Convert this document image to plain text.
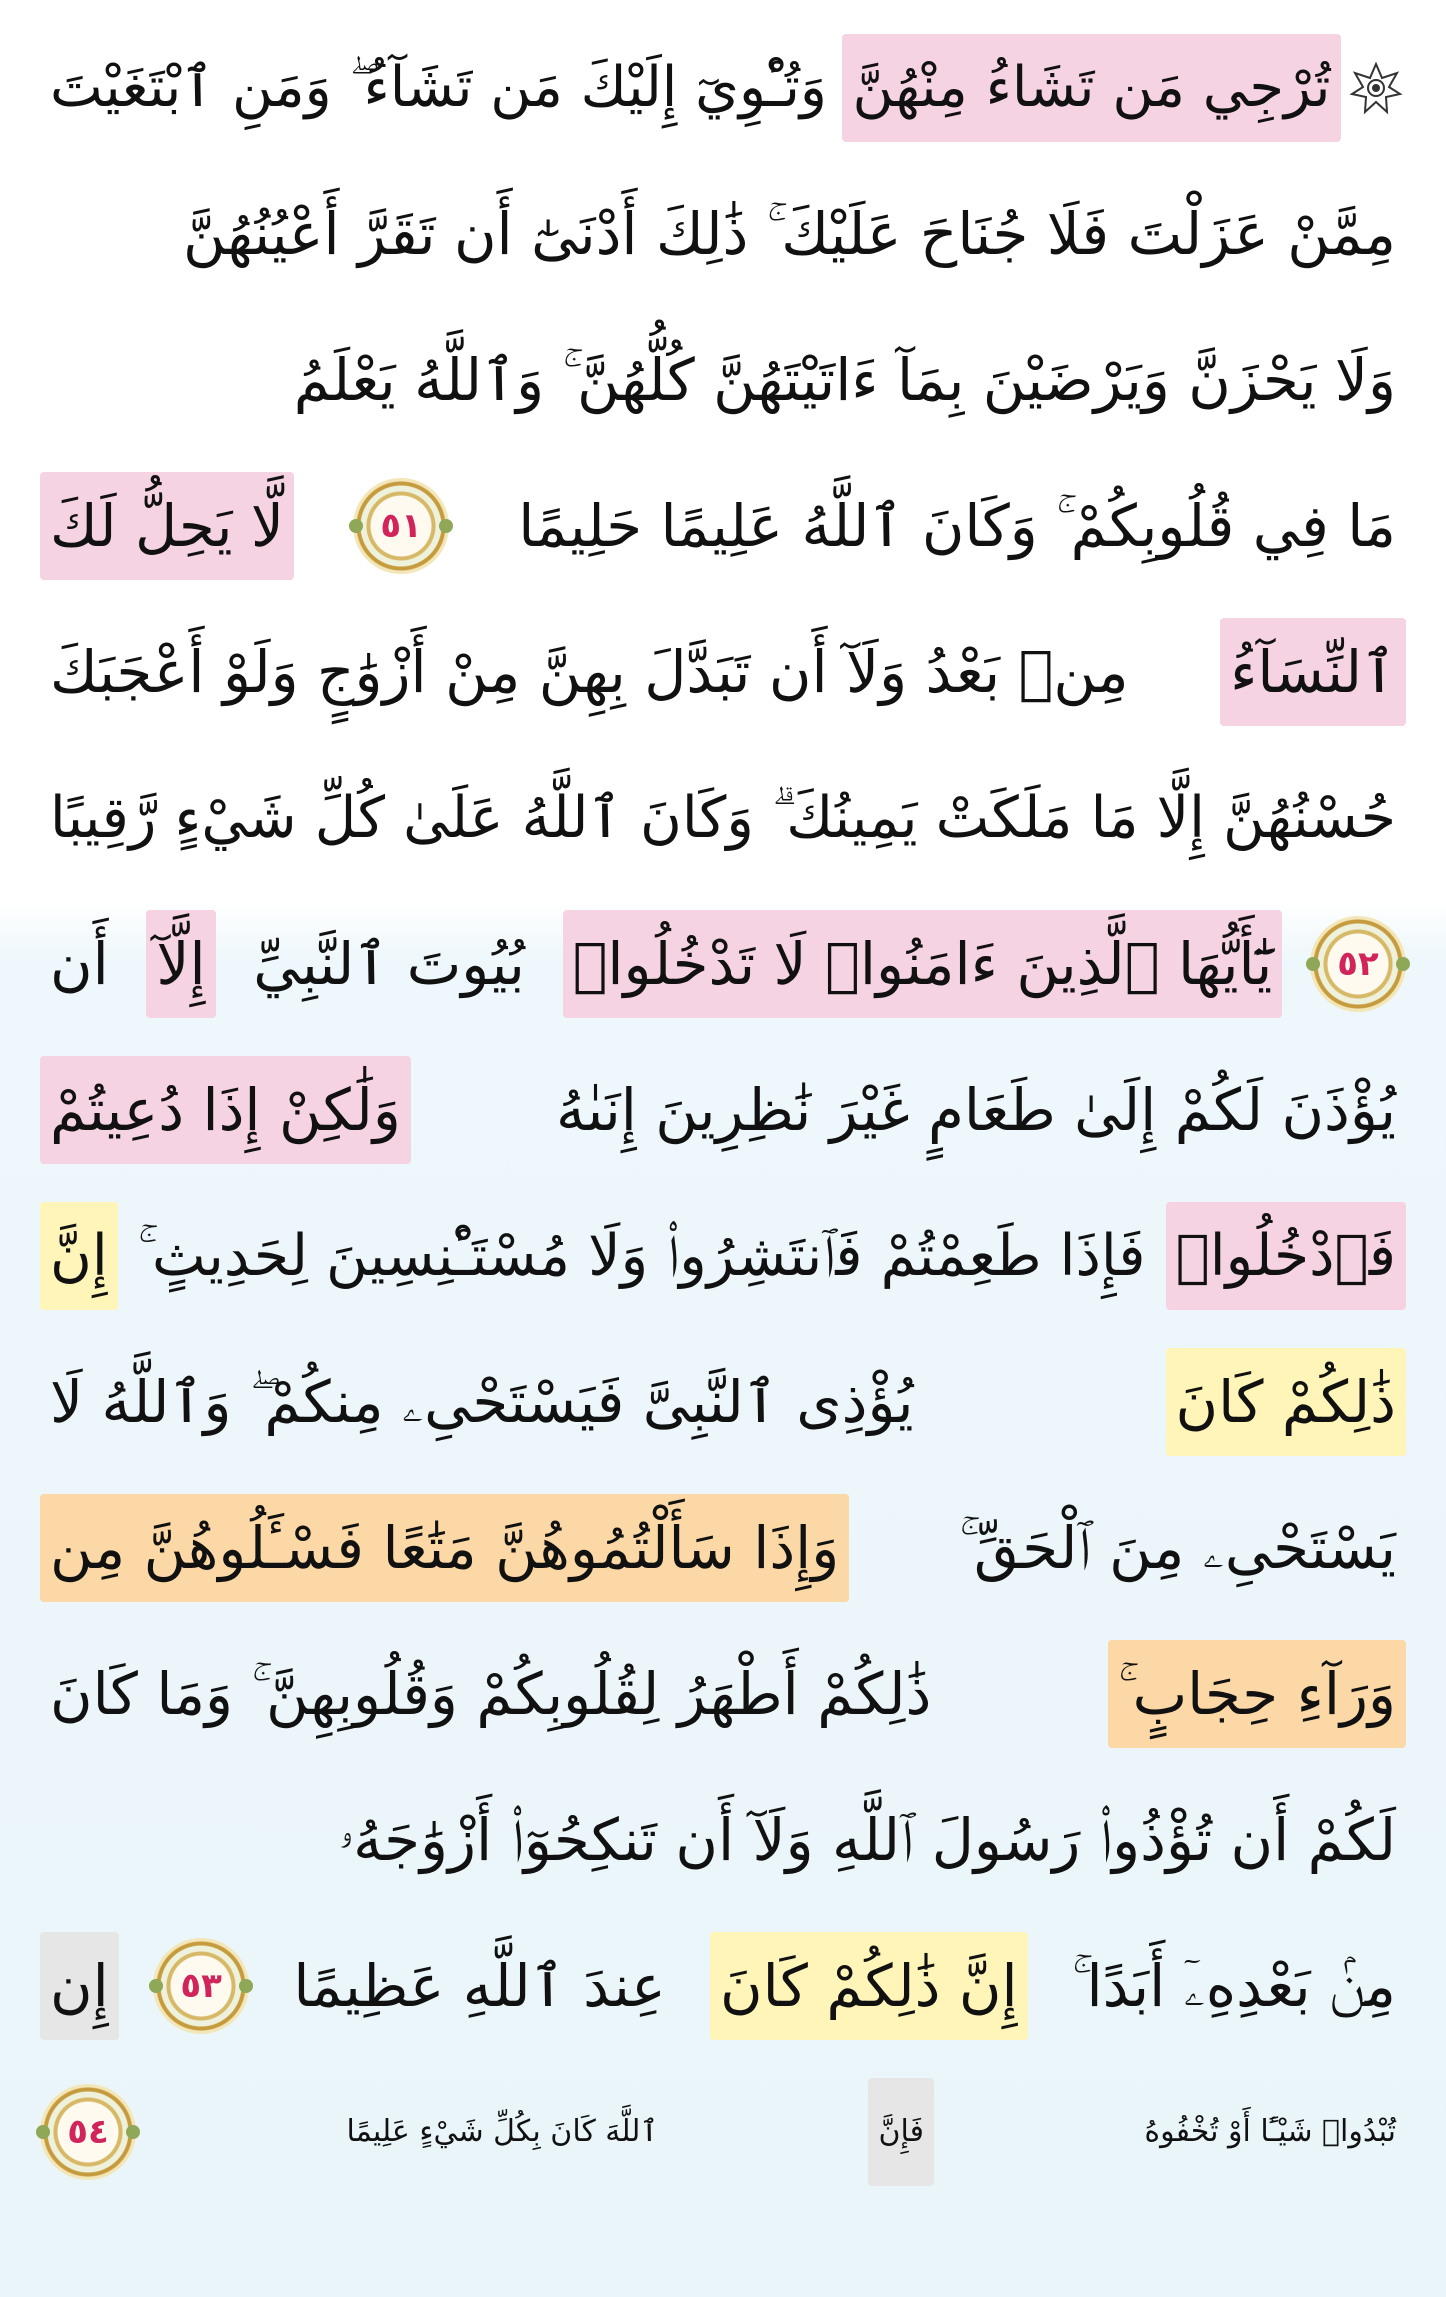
تُرْجِي مَن تَشَاءُ مِنْهُنَّ
وَتُـْٔوِيٓ إِلَيْكَ مَن تَشَآءُ ۖ وَمَنِ ٱبْتَغَيْتَ
مِمَّنْ عَزَلْتَ فَلَا جُنَاحَ عَلَيْكَ ۚ ذَٰلِكَ أَدْنَىٰٓ أَن تَقَرَّ أَعْيُنُهُنَّ
وَلَا يَحْزَنَّ وَيَرْضَيْنَ بِمَآ ءَاتَيْتَهُنَّ كُلُّهُنَّ ۚ وَٱللَّهُ يَعْلَمُ
مَا فِي قُلُوبِكُمْ ۚ وَكَانَ ٱللَّهُ عَلِيمًا حَلِيمًا
٥١
لَّا يَحِلُّ لَكَ
ٱلنِّسَآءُ
مِنۢ بَعْدُ وَلَآ أَن تَبَدَّلَ بِهِنَّ مِنْ أَزْوَٰجٍ وَلَوْ أَعْجَبَكَ
حُسْنُهُنَّ إِلَّا مَا مَلَكَتْ يَمِينُكَ ۗ وَكَانَ ٱللَّهُ عَلَىٰ كُلِّ شَيْءٍ رَّقِيبًا
٥٢
يَٰٓأَيُّهَا ٱلَّذِينَ ءَامَنُوا۟ لَا تَدْخُلُوا۟
بُيُوتَ ٱلنَّبِيِّ
إِلَّآ
أَن
يُؤْذَنَ لَكُمْ إِلَىٰ طَعَامٍ غَيْرَ نَٰظِرِينَ إِنَىٰهُ
وَلَٰكِنْ إِذَا دُعِيتُمْ
فَٱدْخُلُوا۟
فَإِذَا طَعِمْتُمْ فَٱنتَشِرُوا۟ وَلَا مُسْتَـْٔنِسِينَ لِحَدِيثٍ ۚ
إِنَّ
ذَٰلِكُمْ كَانَ
يُؤْذِى ٱلنَّبِىَّ فَيَسْتَحْىِۦ مِنكُمْ ۖ وَٱللَّهُ لَا
يَسْتَحْىِۦ مِنَ ٱلْحَقِّ ۚ
وَإِذَا سَأَلْتُمُوهُنَّ مَتَٰعًا فَسْـَٔلُوهُنَّ مِن
وَرَآءِ حِجَابٍ ۚ
ذَٰلِكُمْ أَطْهَرُ لِقُلُوبِكُمْ وَقُلُوبِهِنَّ ۚ وَمَا كَانَ
لَكُمْ أَن تُؤْذُوا۟ رَسُولَ ٱللَّهِ وَلَآ أَن تَنكِحُوٓا۟ أَزْوَٰجَهُۥ
مِنۢ بَعْدِهِۦٓ أَبَدًا ۚ
إِنَّ ذَٰلِكُمْ كَانَ
عِندَ ٱللَّهِ عَظِيمًا
٥٣
إِن
تُبْدُوا۟ شَيْـًٔا أَوْ تُخْفُوهُ
فَإِنَّ
ٱللَّهَ كَانَ بِكُلِّ شَيْءٍ عَلِيمًا
٥٤
